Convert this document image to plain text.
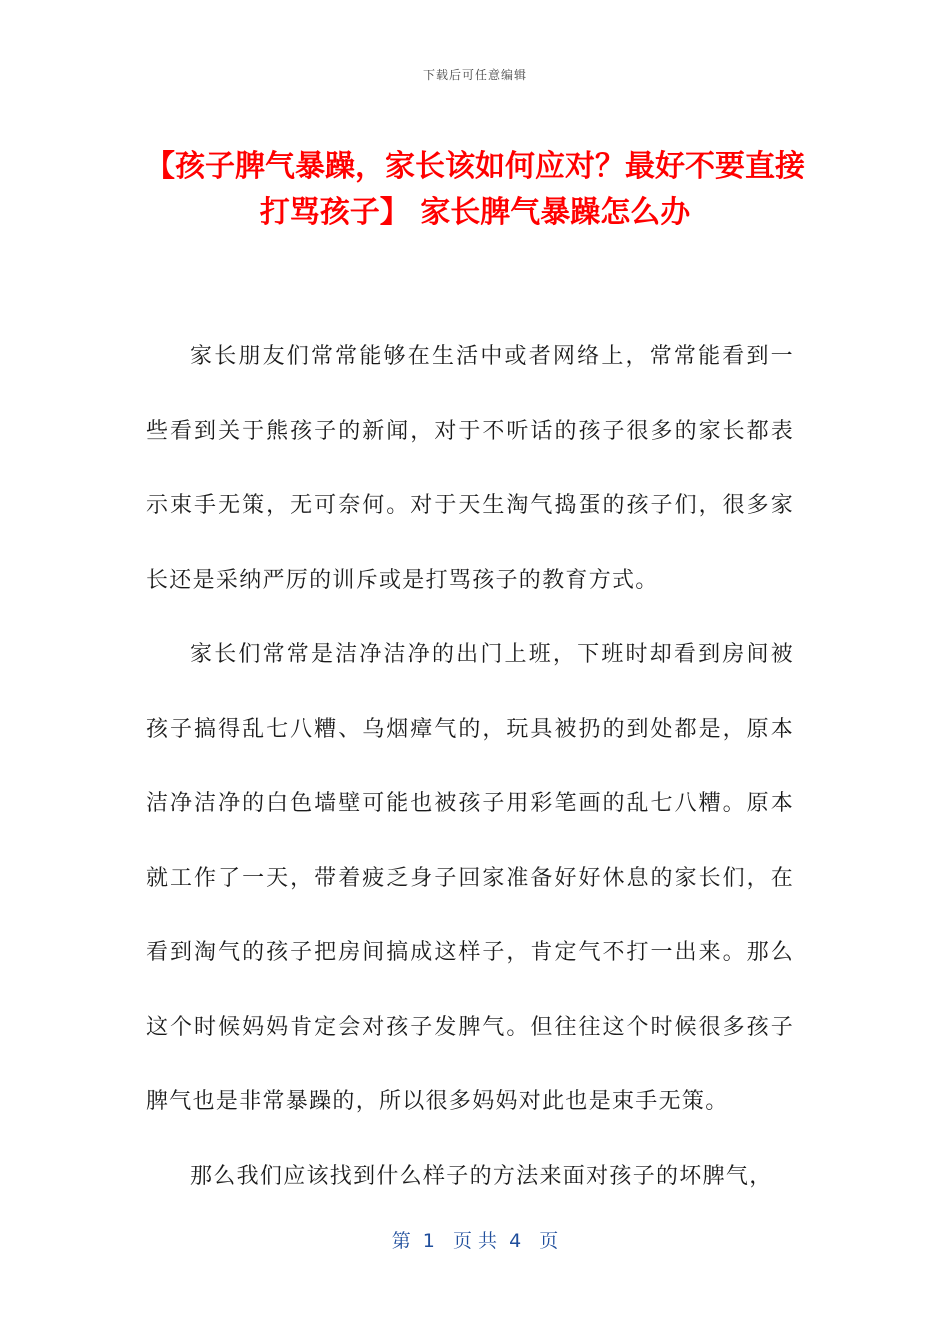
下载后可任意编辑
【孩子脾气暴躁，家长该如何应对？最好不要直接打骂孩子】 家长脾气暴躁怎么办

家长朋友们常常能够在生活中或者网络上，常常能看到一些看到关于熊孩子的新闻，对于不听话的孩子很多的家长都表示束手无策，无可奈何。对于天生淘气捣蛋的孩子们，很多家长还是采纳严厉的训斥或是打骂孩子的教育方式。

家长们常常是洁净洁净的出门上班，下班时却看到房间被孩子搞得乱七八糟、乌烟瘴气的，玩具被扔的到处都是，原本洁净洁净的白色墙壁可能也被孩子用彩笔画的乱七八糟。原本就工作了一天，带着疲乏身子回家准备好好休息的家长们，在看到淘气的孩子把房间搞成这样子，肯定气不打一出来。那么这个时候妈妈肯定会对孩子发脾气。但往往这个时候很多孩子脾气也是非常暴躁的，所以很多妈妈对此也是束手无策。

那么我们应该找到什么样子的方法来面对孩子的坏脾气，

第  1   页 共  4   页
